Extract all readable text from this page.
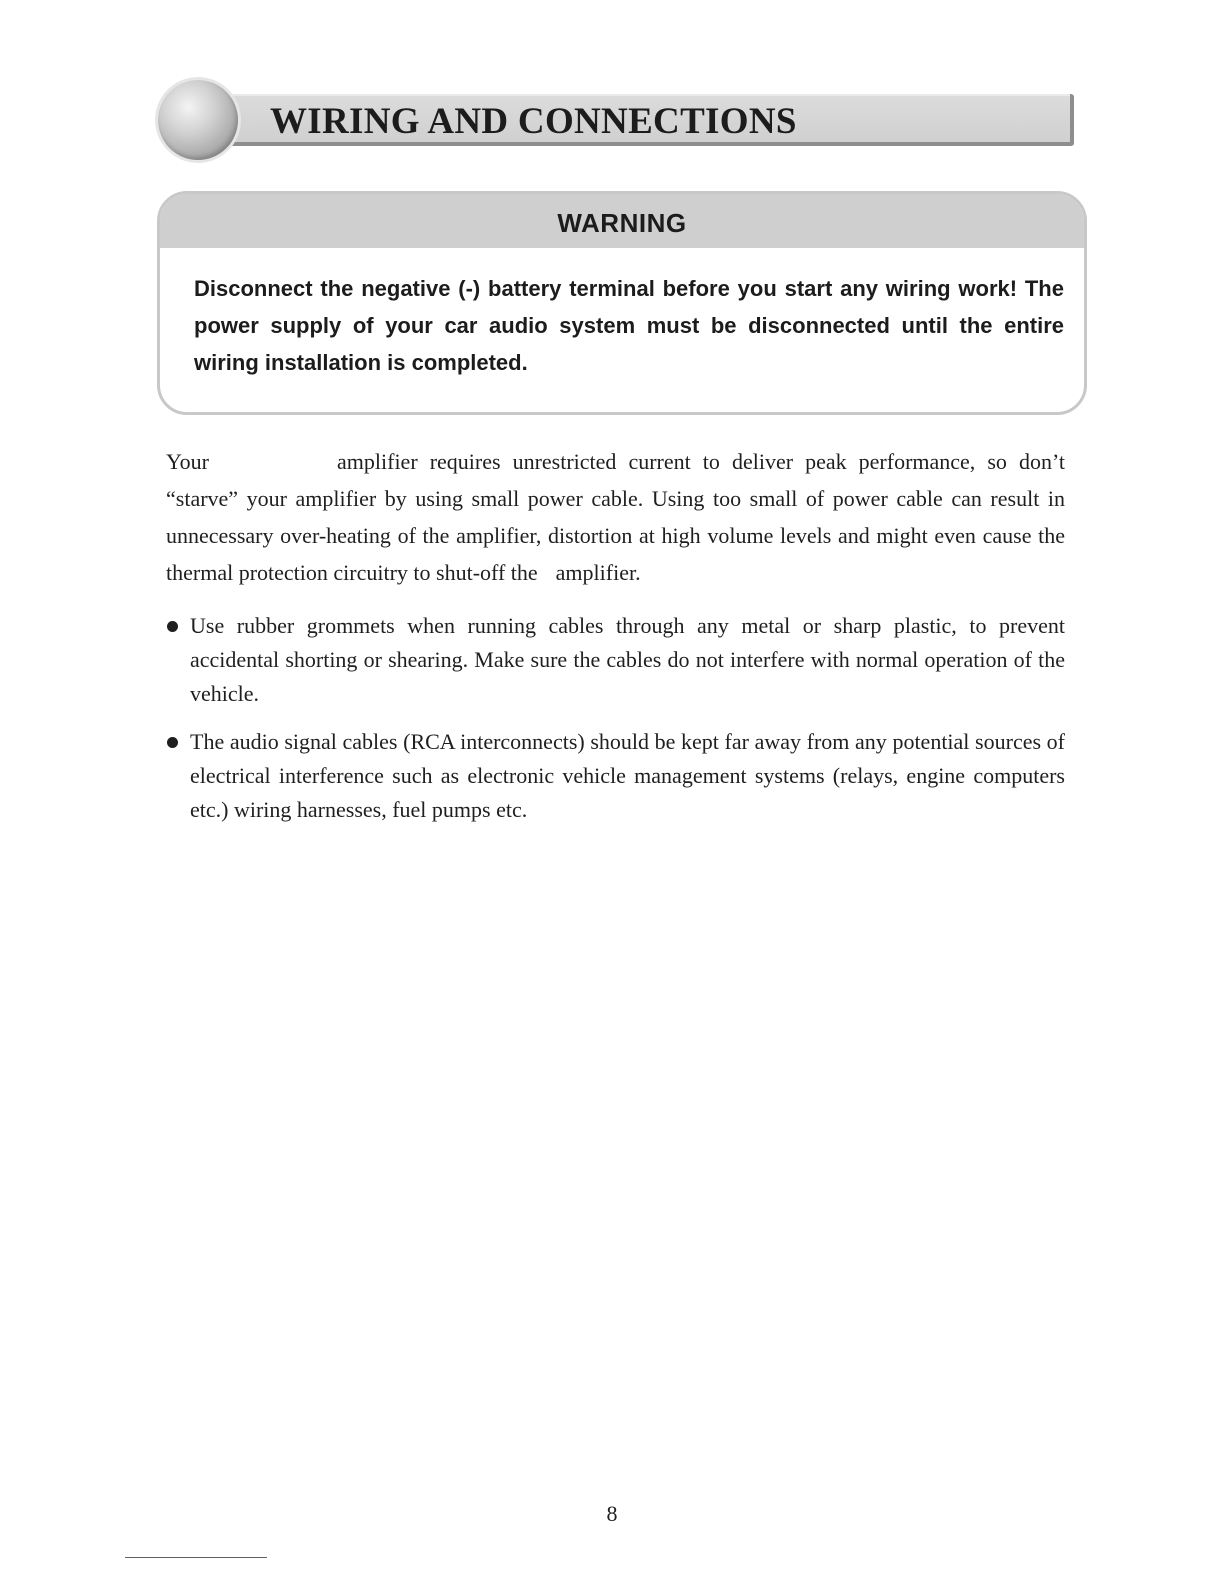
WIRING AND CONNECTIONS
WARNING
Disconnect the negative (-) battery terminal before you start any wiring work! The power supply of your car audio system must be disconnected until the entire wiring installation is completed.

Your	amplifier requires unrestricted current to deliver peak performance, so don’t “starve” your amplifier by using small power cable. Using too small of power cable can result in unnecessary over-heating of the amplifier, distortion at high volume levels and might even cause the thermal protection circuitry to shut-off the amplifier.

Use rubber grommets when running cables through any metal or sharp plastic, to prevent accidental shorting or shearing. Make sure the cables do not interfere with normal operation of the vehicle.
The audio signal cables (RCA interconnects) should be kept far away from any potential sources of electrical interference such as electronic vehicle management systems (relays, engine computers etc.) wiring harnesses, fuel pumps etc.
8
